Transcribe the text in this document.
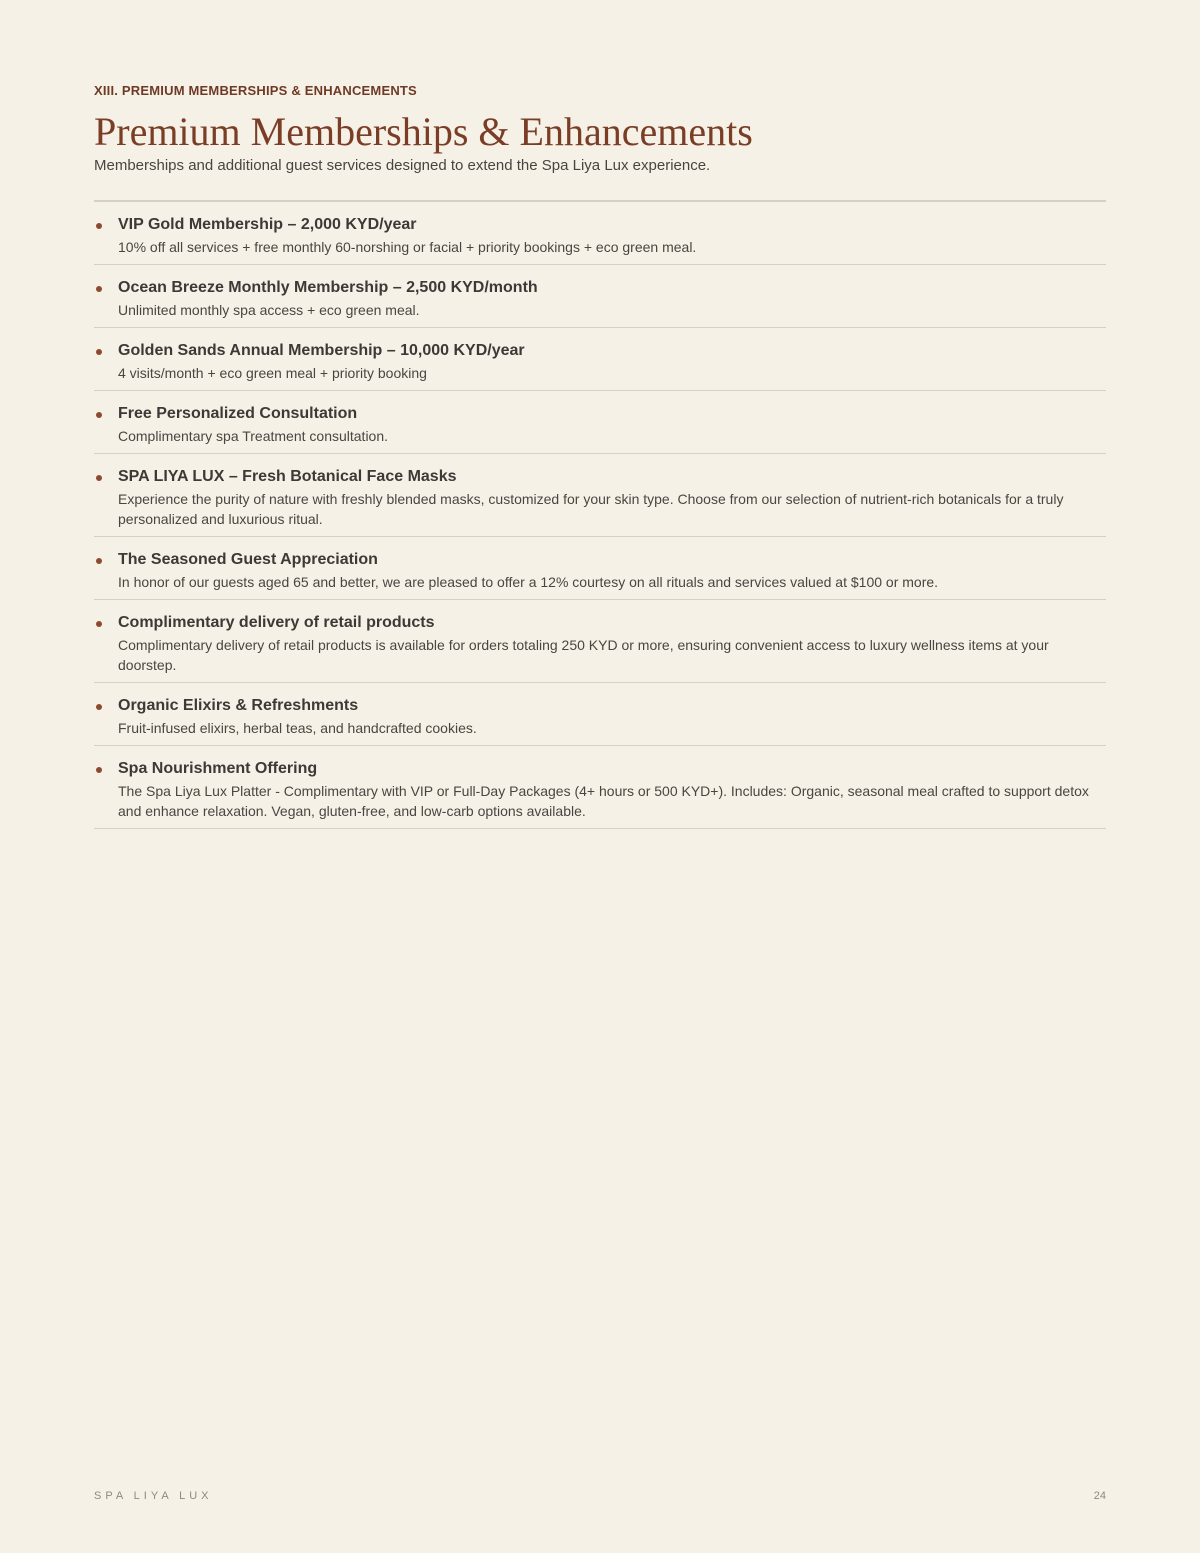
XIII. PREMIUM MEMBERSHIPS & ENHANCEMENTS
Premium Memberships & Enhancements
Memberships and additional guest services designed to extend the Spa Liya Lux experience.
VIP Gold Membership – 2,000 KYD/year
10% off all services + free monthly 60-norshing or facial + priority bookings + eco green meal.
Ocean Breeze Monthly Membership – 2,500 KYD/month
Unlimited monthly spa access + eco green meal.
Golden Sands Annual Membership – 10,000 KYD/year
4 visits/month + eco green meal + priority booking
Free Personalized Consultation
Complimentary spa Treatment consultation.
SPA LIYA LUX – Fresh Botanical Face Masks
Experience the purity of nature with freshly blended masks, customized for your skin type. Choose from our selection of nutrient-rich botanicals for a truly personalized and luxurious ritual.
The Seasoned Guest Appreciation
In honor of our guests aged 65 and better, we are pleased to offer a 12% courtesy on all rituals and services valued at $100 or more.
Complimentary delivery of retail products
Complimentary delivery of retail products is available for orders totaling 250 KYD or more, ensuring convenient access to luxury wellness items at your doorstep.
Organic Elixirs & Refreshments
Fruit-infused elixirs, herbal teas, and handcrafted cookies.
Spa Nourishment Offering
The Spa Liya Lux Platter - Complimentary with VIP or Full-Day Packages (4+ hours or 500 KYD+). Includes: Organic, seasonal meal crafted to support detox and enhance relaxation. Vegan, gluten-free, and low-carb options available.
SPA LIYA LUX	24
